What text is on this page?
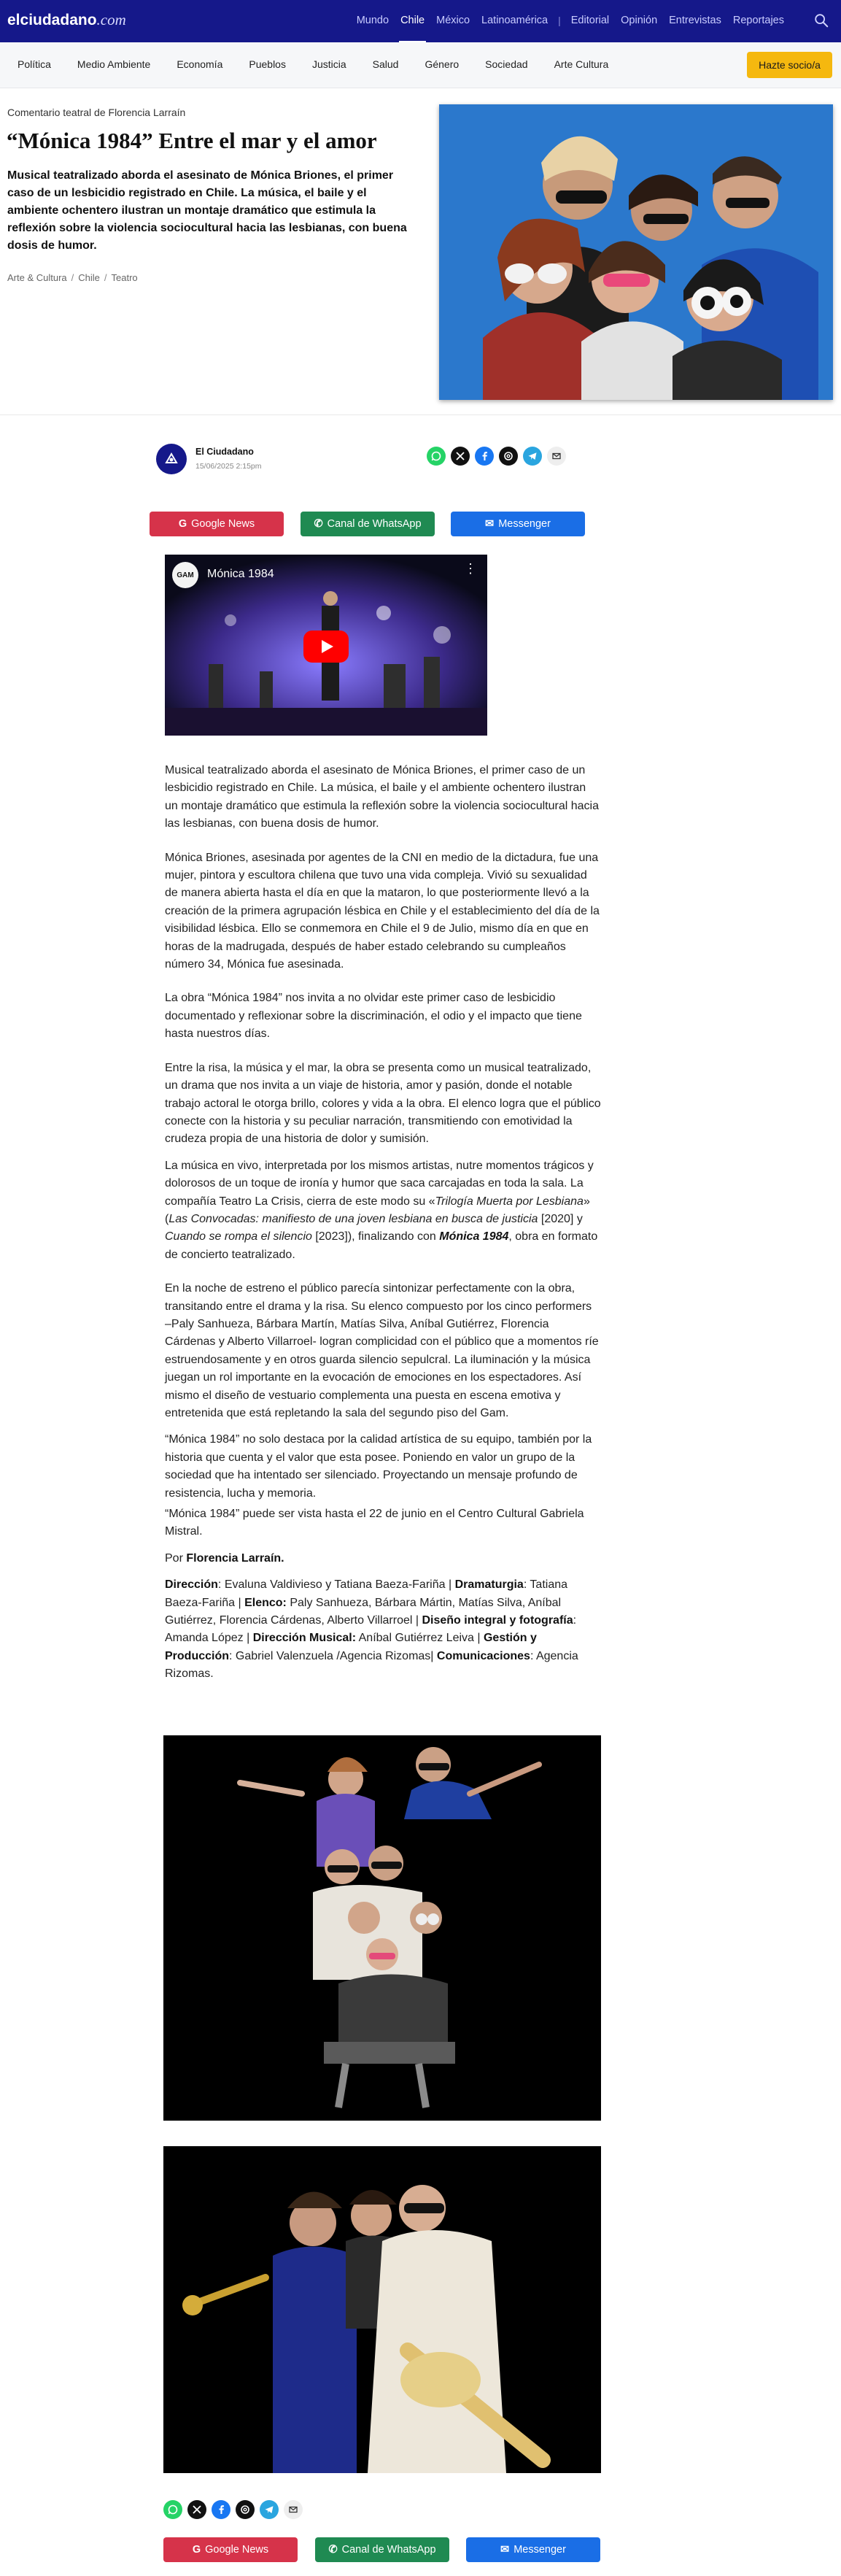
elciudadano.com	Mundo	Chile	México	Latinoamérica	| Editorial	Opinión	Entrevistas	Reportajes
Política	Medio Ambiente	Economía	Pueblos	Justicia	Salud	Género	Sociedad	Arte Cultura	Hazte socio/a
Comentario teatral de Florencia Larraín
“Mónica 1984” Entre el mar y el amor

Musical teatralizado aborda el asesinato de Mónica Briones, el primer caso de un lesbicidio registrado en Chile. La música, el baile y el ambiente ochentero ilustran un montaje dramático que estimula la reflexión sobre la violencia sociocultural hacia las lesbianas, con buena dosis de humor.

Arte & Cultura / Chile / Teatro
El Ciudadano
15/06/2025 2:15pm
G Google News	✆ Canal de WhatsApp	✉ Messenger
GAM	Mónica 1984	⋮

Musical teatralizado aborda el asesinato de Mónica Briones, el primer caso de un lesbicidio registrado en Chile. La música, el baile y el ambiente ochentero ilustran un montaje dramático que estimula la reflexión sobre la violencia sociocultural hacia las lesbianas, con buena dosis de humor.

Mónica Briones, asesinada por agentes de la CNI en medio de la dictadura, fue una mujer, pintora y escultora chilena que tuvo una vida compleja. Vivió su sexualidad de manera abierta hasta el día en que la mataron, lo que posteriormente llevó a la creación de la primera agrupación lésbica en Chile y el establecimiento del día de la visibilidad lésbica. Ello se conmemora en Chile el 9 de Julio, mismo día en que en horas de la madrugada, después de haber estado celebrando su cumpleaños número 34, Mónica fue asesinada.

La obra “Mónica 1984” nos invita a no olvidar este primer caso de lesbicidio documentado y reflexionar sobre la discriminación, el odio y el impacto que tiene hasta nuestros días.

Entre la risa, la música y el mar, la obra se presenta como un musical teatralizado, un drama que nos invita a un viaje de historia, amor y pasión, donde el notable trabajo actoral le otorga brillo, colores y vida a la obra. El elenco logra que el público conecte con la historia y su peculiar narración, transmitiendo con emotividad la crudeza propia de una historia de dolor y sumisión.

La música en vivo, interpretada por los mismos artistas, nutre momentos trágicos y dolorosos de un toque de ironía y humor que saca carcajadas en toda la sala. La compañía Teatro La Crisis, cierra de este modo su «Trilogía Muerta por Lesbiana» (Las Convocadas: manifiesto de una joven lesbiana en busca de justicia [2020] y Cuando se rompa el silencio [2023]), finalizando con Mónica 1984, obra en formato de concierto teatralizado.

En la noche de estreno el público parecía sintonizar perfectamente con la obra, transitando entre el drama y la risa. Su elenco compuesto por los cinco performers –Paly Sanhueza, Bárbara Martín, Matías Silva, Aníbal Gutiérrez, Florencia Cárdenas y Alberto Villarroel- logran complicidad con el público que a momentos ríe estruendosamente y en otros guarda silencio sepulcral. La iluminación y la música juegan un rol importante en la evocación de emociones en los espectadores. Así mismo el diseño de vestuario complementa una puesta en escena emotiva y entretenida que está repletando la sala del segundo piso del Gam.

“Mónica 1984” no solo destaca por la calidad artística de su equipo, también por la historia que cuenta y el valor que esta posee. Poniendo en valor un grupo de la sociedad que ha intentado ser silenciado. Proyectando un mensaje profundo de resistencia, lucha y memoria.

“Mónica 1984” puede ser vista hasta el 22 de junio en el Centro Cultural Gabriela Mistral.

Por Florencia Larraín.

Dirección: Evaluna Valdivieso y Tatiana Baeza-Fariña | Dramaturgia: Tatiana Baeza-Fariña | Elenco: Paly Sanhueza, Bárbara Mártin, Matías Silva, Aníbal Gutiérrez, Florencia Cárdenas, Alberto Villarroel | Diseño integral y fotografía: Amanda López | Dirección Musical: Aníbal Gutiérrez Leiva | Gestión y Producción: Gabriel Valenzuela /Agencia Rizomas| Comunicaciones: Agencia Rizomas.

G Google News	✆ Canal de WhatsApp	✉ Messenger
